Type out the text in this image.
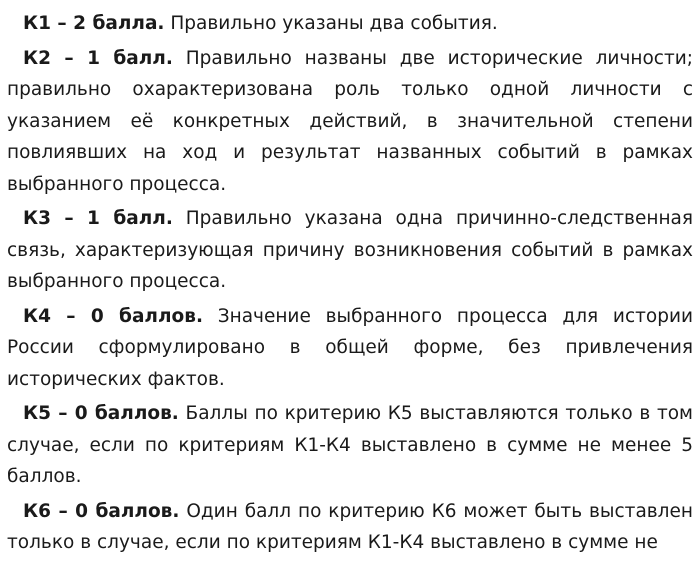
К1 – 2 балла. Правильно указаны два события.

К2 – 1 балл. Правильно названы две исторические личности; правильно охарактеризована роль только одной личности с указанием её конкретных действий, в значительной степени повлиявших на ход и результат названных событий в рамках выбранного процесса.

К3 – 1 балл. Правильно указана одна причинно-следственная связь, характеризующая причину возникновения событий в рамках выбранного процесса.

К4 – 0 баллов. Значение выбранного процесса для истории России сформулировано в общей форме, без привлечения исторических фактов.

К5 – 0 баллов. Баллы по критерию К5 выставляются только в том случае, если по критериям К1-К4 выставлено в сумме не менее 5 баллов.

К6 – 0 баллов. Один балл по критерию К6 может быть выставлен только в случае, если по критериям К1-К4 выставлено в сумме не
